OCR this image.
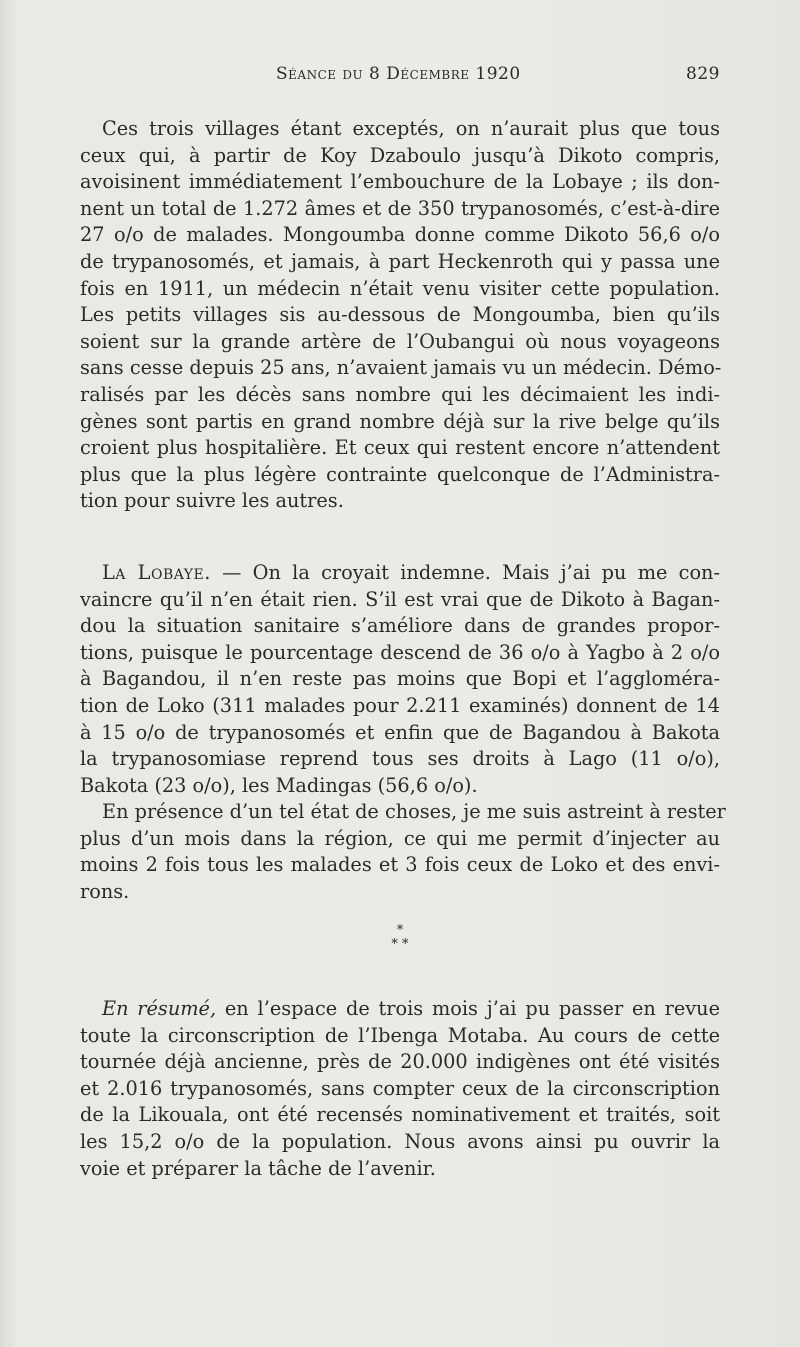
Séance du 8 Décembre 1920	829
Ces trois villages étant exceptés, on n’aurait plus que tous
ceux qui, à partir de Koy Dzaboulo jusqu’à Dikoto compris,
avoisinent immédiatement l’embouchure de la Lobaye ; ils don-
nent un total de 1.272 âmes et de 350 trypanosomés, c’est-à-dire
27 o/o de malades. Mongoumba donne comme Dikoto 56,6 o/o
de trypanosomés, et jamais, à part Heckenroth qui y passa une
fois en 1911, un médecin n’était venu visiter cette population.
Les petits villages sis au-dessous de Mongoumba, bien qu’ils
soient sur la grande artère de l’Oubangui où nous voyageons
sans cesse depuis 25 ans, n’avaient jamais vu un médecin. Démo-
ralisés par les décès sans nombre qui les décimaient les indi-
gènes sont partis en grand nombre déjà sur la rive belge qu’ils
croient plus hospitalière. Et ceux qui restent encore n’attendent
plus que la plus légère contrainte quelconque de l’Administra-
tion pour suivre les autres.
La Lobaye. — On la croyait indemne. Mais j’ai pu me con-
vaincre qu’il n’en était rien. S’il est vrai que de Dikoto à Bagan-
dou la situation sanitaire s’améliore dans de grandes propor-
tions, puisque le pourcentage descend de 36 o/o à Yagbo à 2 o/o
à Bagandou, il n’en reste pas moins que Bopi et l’aggloméra-
tion de Loko (311 malades pour 2.211 examinés) donnent de 14
à 15 o/o de trypanosomés et enfin que de Bagandou à Bakota
la trypanosomiase reprend tous ses droits à Lago (11 o/o),
Bakota (23 o/o), les Madingas (56,6 o/o).
En présence d’un tel état de choses, je me suis astreint à rester
plus d’un mois dans la région, ce qui me permit d’injecter au
moins 2 fois tous les malades et 3 fois ceux de Loko et des envi-
rons.
*
* *
En résumé, en l’espace de trois mois j’ai pu passer en revue
toute la circonscription de l’Ibenga Motaba. Au cours de cette
tournée déjà ancienne, près de 20.000 indigènes ont été visités
et 2.016 trypanosomés, sans compter ceux de la circonscription
de la Likouala, ont été recensés nominativement et traités, soit
les 15,2 o/o de la population. Nous avons ainsi pu ouvrir la
voie et préparer la tâche de l’avenir.
